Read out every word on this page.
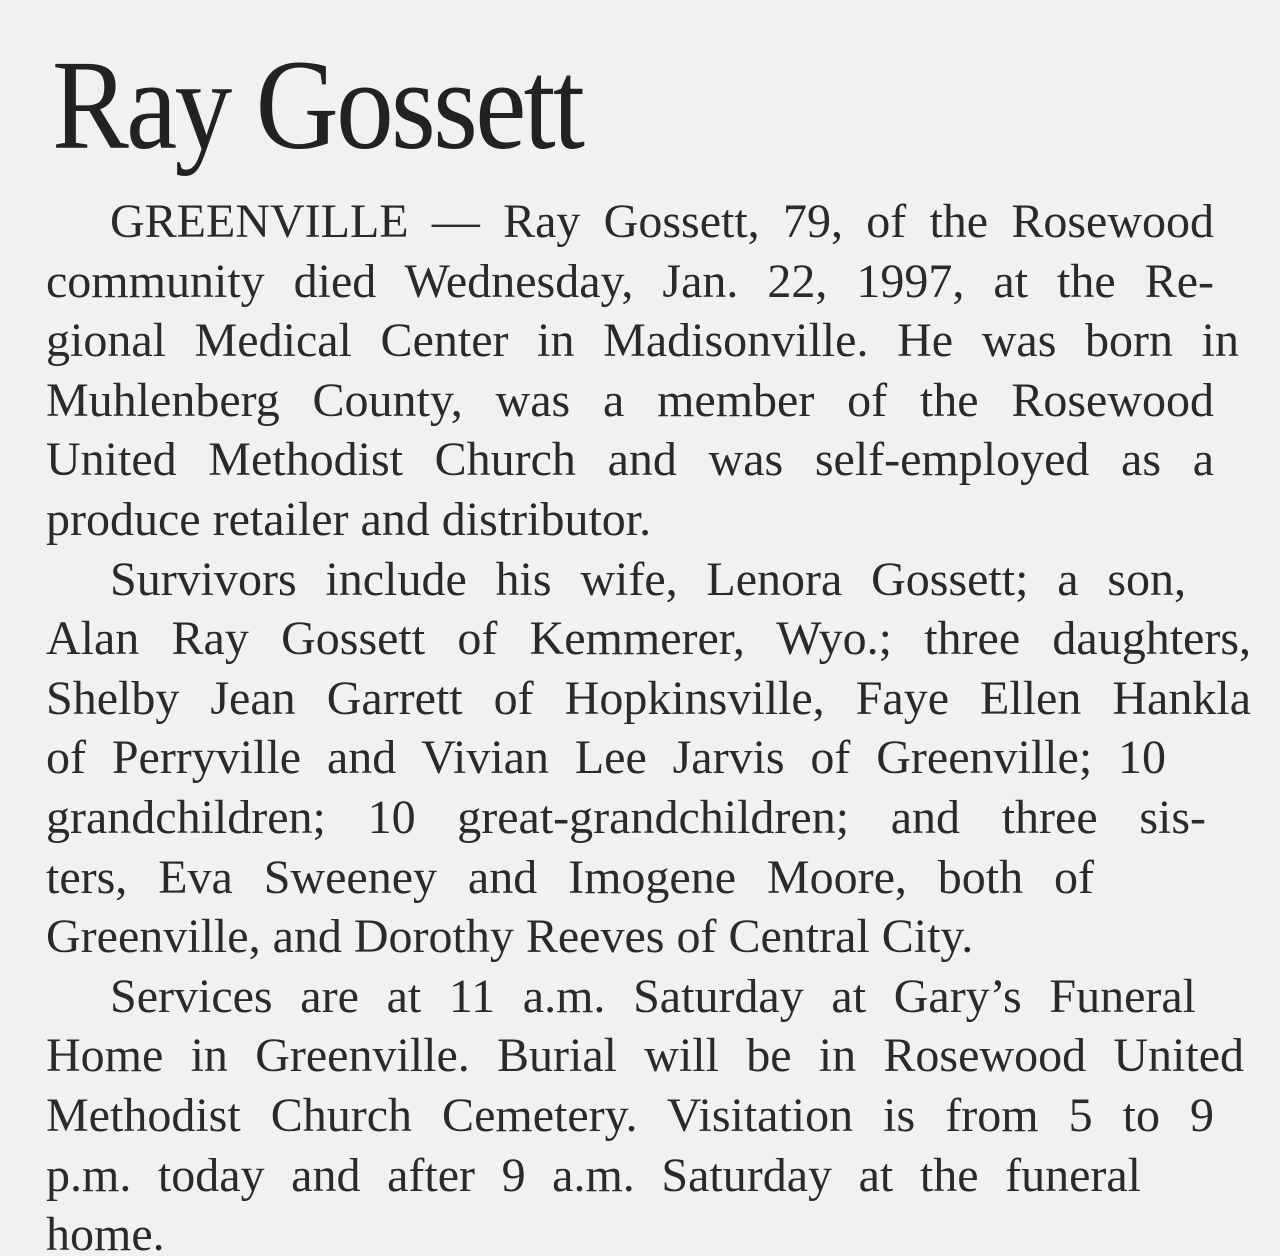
Ray Gossett
GREENVILLE — Ray Gossett, 79, of the Rosewood
community died Wednesday, Jan. 22, 1997, at the Re-
gional Medical Center in Madisonville. He was born in
Muhlenberg County, was a member of the Rosewood
United Methodist Church and was self-employed as a
produce retailer and distributor.
Survivors include his wife, Lenora Gossett; a son,
Alan Ray Gossett of Kemmerer, Wyo.; three daughters,
Shelby Jean Garrett of Hopkinsville, Faye Ellen Hankla
of Perryville and Vivian Lee Jarvis of Greenville; 10
grandchildren; 10 great-grandchildren; and three sis-
ters, Eva Sweeney and Imogene Moore, both of
Greenville, and Dorothy Reeves of Central City.
Services are at 11 a.m. Saturday at Gary’s Funeral
Home in Greenville. Burial will be in Rosewood United
Methodist Church Cemetery. Visitation is from 5 to 9
p.m. today and after 9 a.m. Saturday at the funeral
home.
